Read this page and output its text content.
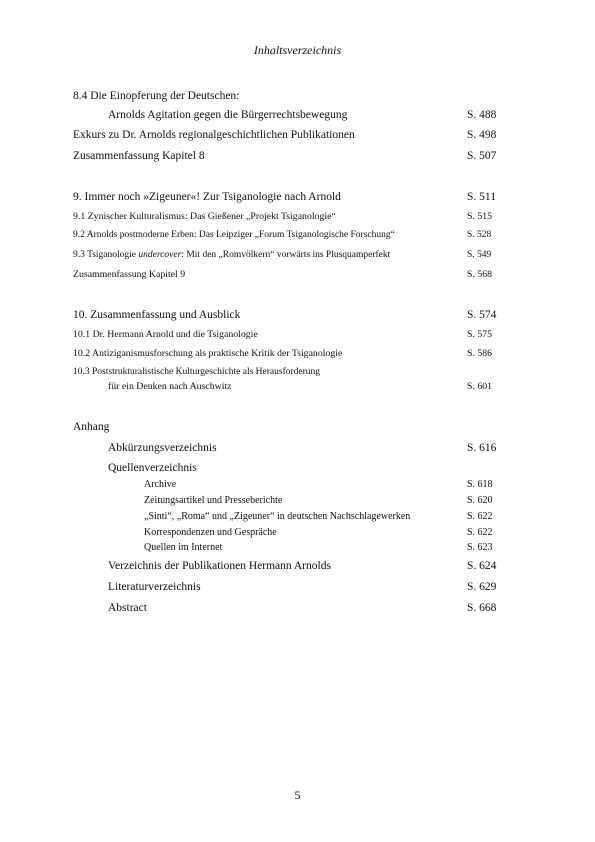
Inhaltsverzeichnis
8.4 Die Einopferung der Deutschen:
Arnolds Agitation gegen die Bürgerrechtsbewegung	S. 488
Exkurs zu Dr. Arnolds regionalgeschichtlichen Publikationen	S. 498
Zusammenfassung Kapitel 8	S. 507
9. Immer noch »Zigeuner«! Zur Tsiganologie nach Arnold	S. 511
9.1 Zynischer Kulturalismus: Das Gießener „Projekt Tsiganologie“	S. 515
9.2 Arnolds postmoderne Erben: Das Leipziger „Forum Tsiganologische Forschung“	S. 528
9.3 Tsiganologie undercover: Mit den „Romvölkern“ vorwärts ins Plusquamperfekt	S. 549
Zusammenfassung Kapitel 9	S. 568
10. Zusammenfassung und Ausblick	S. 574
10.1 Dr. Hermann Arnold und die Tsiganologie	S. 575
10.2 Antiziganismusforschung als praktische Kritik der Tsiganologie	S. 586
10.3 Poststrukturalistische Kulturgeschichte als Herausforderung
für ein Denken nach Auschwitz	S. 601
Anhang
Abkürzungsverzeichnis	S. 616
Quellenverzeichnis
Archive	S. 618
Zeitungsartikel und Presseberichte	S. 620
„Sinti“, „Roma“ und „Zigeuner“ in deutschen Nachschlagewerken	S. 622
Korrespondenzen und Gespräche	S. 622
Quellen im Internet	S. 623
Verzeichnis der Publikationen Hermann Arnolds	S. 624
Literaturverzeichnis	S. 629
Abstract	S. 668
5
